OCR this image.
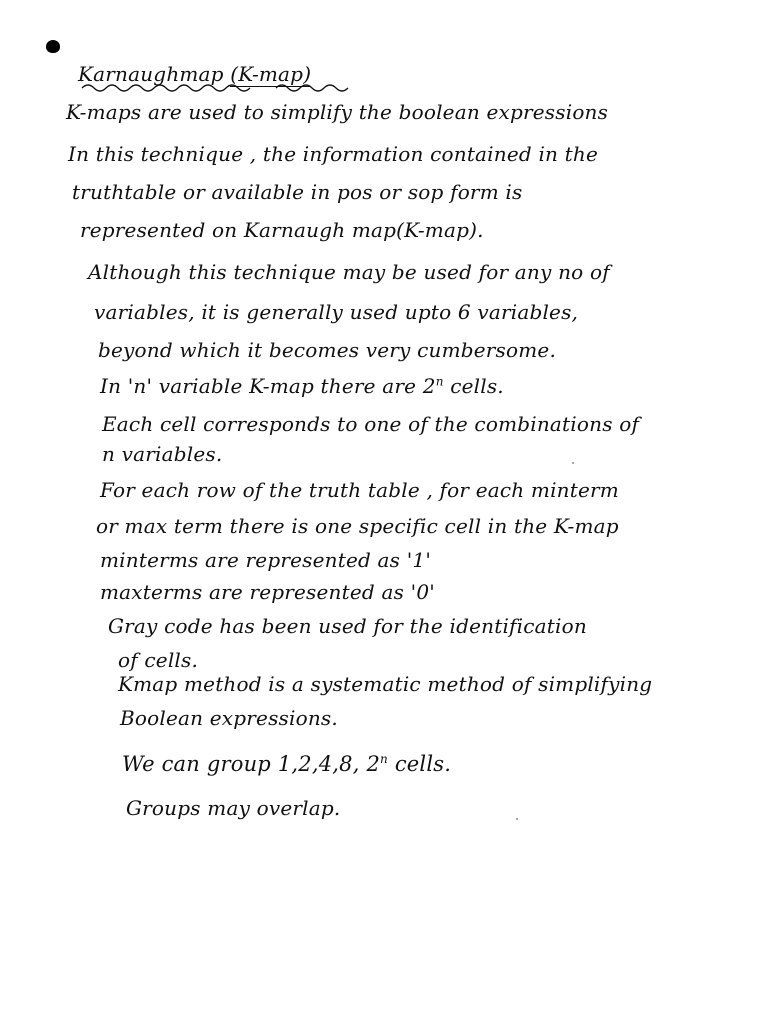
Karnaughmap (K-map)
K-maps are used to simplify the boolean expressions
In this technique , the information contained in the
truthtable or available in pos or sop form is
represented on Karnaugh map(K-map).
Although this technique may be used for any no of
variables, it is generally used upto 6 variables,
beyond which it becomes very cumbersome.
In 'n' variable K-map there are 2$^n$ cells.
Each cell corresponds to one of the combinations of
n variables.
For each row of the truth table , for each minterm
or max term there is one specific cell in the K-map
minterms are represented as '1'
maxterms are represented as '0'
Gray code has been used for the identification
of cells.
Kmap method is a systematic method of simplifying
Boolean expressions.
We can group 1,2,4,8, 2$^n$ cells.
Groups may overlap.
